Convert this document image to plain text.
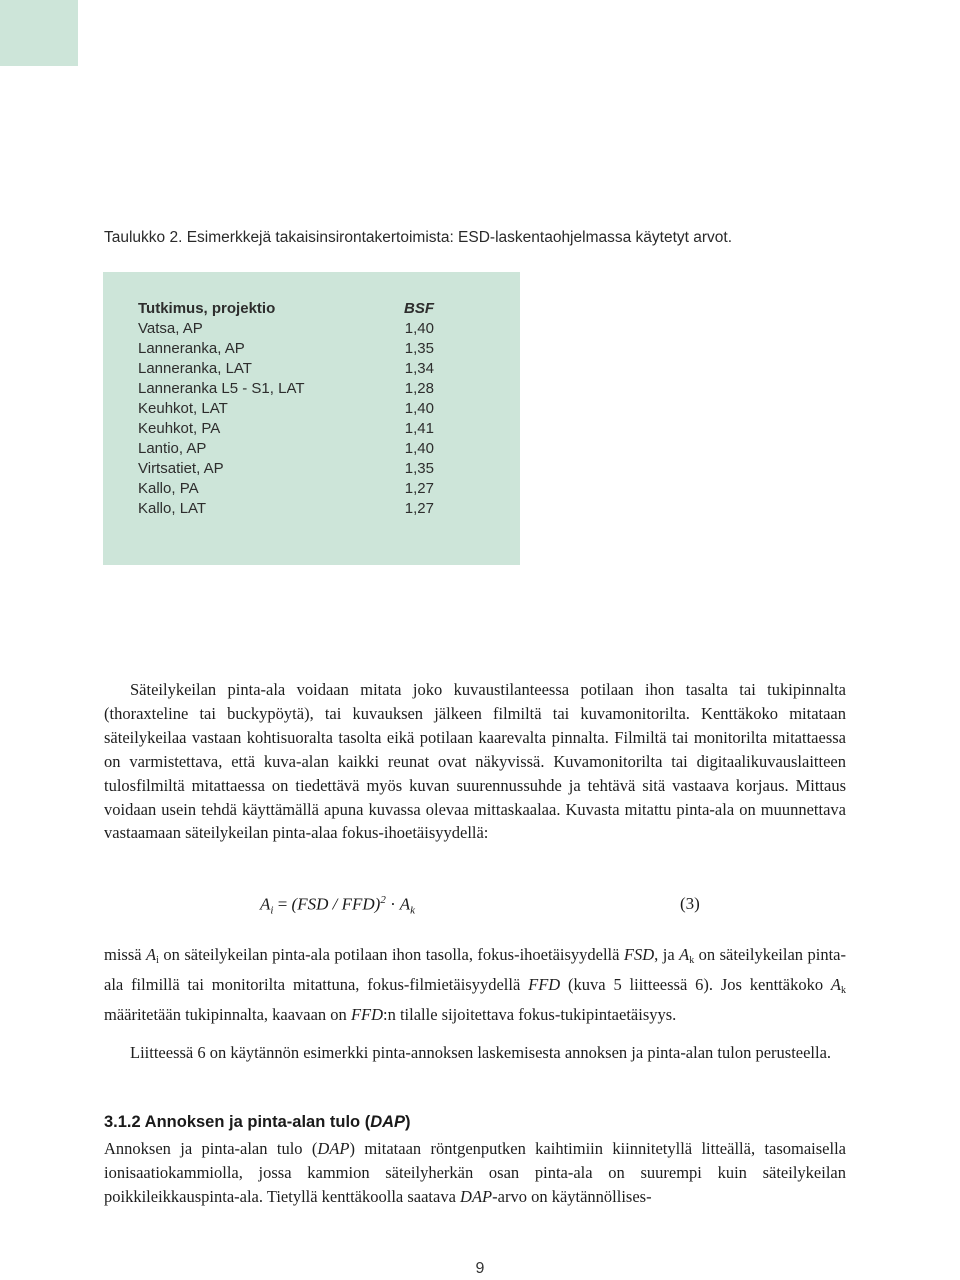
Taulukko 2. Esimerkkejä takaisinsirontakertoimista: ESD-laskentaohjelmassa käytetyt arvot.
Tutkimus, projektio	BSF
Vatsa, AP	1,40
Lanneranka, AP	1,35
Lanneranka, LAT	1,34
Lanneranka L5 - S1, LAT	1,28
Keuhkot, LAT	1,40
Keuhkot, PA	1,41
Lantio, AP	1,40
Virtsatiet, AP	1,35
Kallo, PA	1,27
Kallo, LAT	1,27
Säteilykeilan pinta-ala voidaan mitata joko kuvaustilanteessa potilaan ihon tasalta tai tukipinnalta (thoraxteline tai buckypöytä), tai kuvauksen jälkeen filmiltä tai kuvamonitorilta. Kenttäkoko mitataan säteilykeilaa vastaan kohtisuoralta tasolta eikä potilaan kaarevalta pinnalta. Filmiltä tai monitorilta mitattaessa on varmistettava, että kuva-alan kaikki reunat ovat näkyvissä. Kuvamonitorilta tai digitaalikuvauslaitteen tulosfilmiltä mitattaessa on tiedettävä myös kuvan suurennussuhde ja tehtävä sitä vastaava korjaus. Mittaus voidaan usein tehdä käyttämällä apuna kuvassa olevaa mittaskaalaa. Kuvasta mitattu pinta-ala on muunnettava vastaamaan säteilykeilan pinta-alaa fokus-ihoetäisyydellä:
$A_i = (FSD / FFD)^2 \cdot A_k$	(3)
missä $A_i$ on säteilykeilan pinta-ala potilaan ihon tasolla, fokus-ihoetäisyydellä FSD, ja $A_k$ on säteilykeilan pinta-ala filmillä tai monitorilta mitattuna, fokus-filmietäisyydellä FFD (kuva 5 liitteessä 6). Jos kenttäkoko $A_k$ määritetään tukipinnalta, kaavaan on FFD:n tilalle sijoitettava fokus-tukipintaetäisyys.
Liitteessä 6 on käytännön esimerkki pinta-annoksen laskemisesta annoksen ja pinta-alan tulon perusteella.
3.1.2 Annoksen ja pinta-alan tulo (DAP)
Annoksen ja pinta-alan tulo (DAP) mitataan röntgenputken kaihtimiin kiinnitetyllä litteällä, tasomaisella ionisaatiokammiolla, jossa kammion säteilyherkän osan pinta-ala on suurempi kuin säteilykeilan poikkileikkauspinta-ala. Tietyllä kenttäkoolla saatava DAP-arvo on käytännöllises-
9
